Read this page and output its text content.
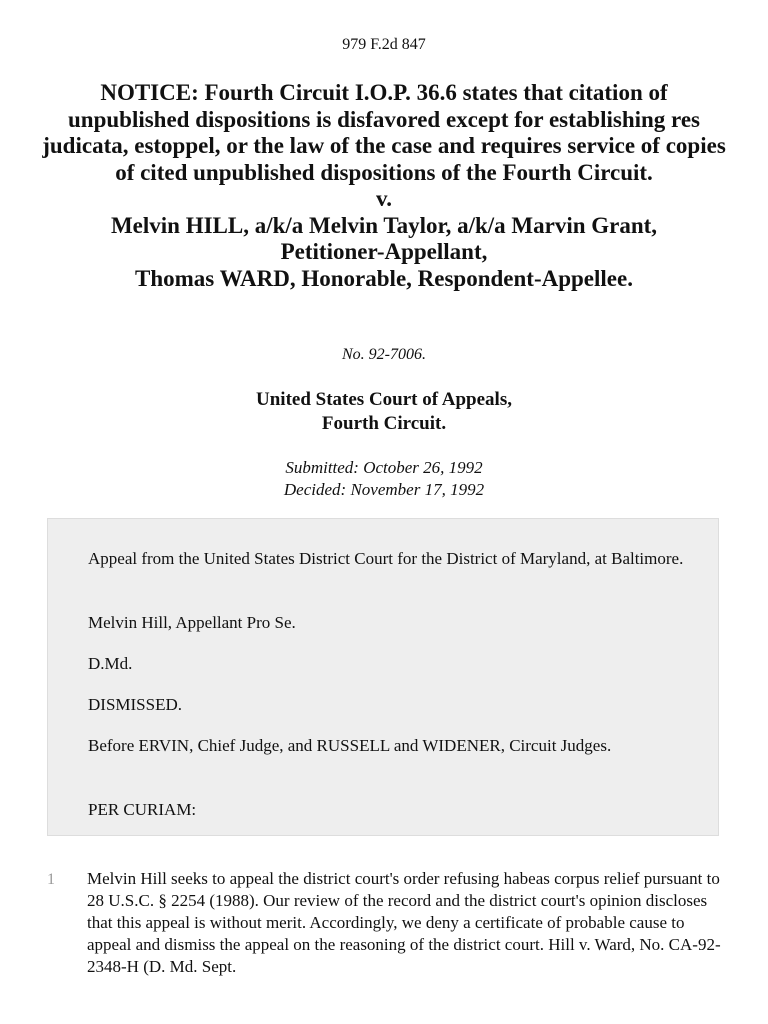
979 F.2d 847
NOTICE: Fourth Circuit I.O.P. 36.6 states that citation of unpublished dispositions is disfavored except for establishing res judicata, estoppel, or the law of the case and requires service of copies of cited unpublished dispositions of the Fourth Circuit.
v.
Melvin HILL, a/k/a Melvin Taylor, a/k/a Marvin Grant,
Petitioner-Appellant,
Thomas WARD, Honorable, Respondent-Appellee.
No. 92-7006.
United States Court of Appeals,
Fourth Circuit.
Submitted: October 26, 1992
Decided: November 17, 1992

Appeal from the United States District Court for the District of Maryland, at Baltimore.

Melvin Hill, Appellant Pro Se.

D.Md.

DISMISSED.

Before ERVIN, Chief Judge, and RUSSELL and WIDENER, Circuit Judges.

PER CURIAM:

1 Melvin Hill seeks to appeal the district court's order refusing habeas corpus relief pursuant to 28 U.S.C. § 2254 (1988). Our review of the record and the district court's opinion discloses that this appeal is without merit. Accordingly, we deny a certificate of probable cause to appeal and dismiss the appeal on the reasoning of the district court. Hill v. Ward, No. CA-92-2348-H (D. Md. Sept.
